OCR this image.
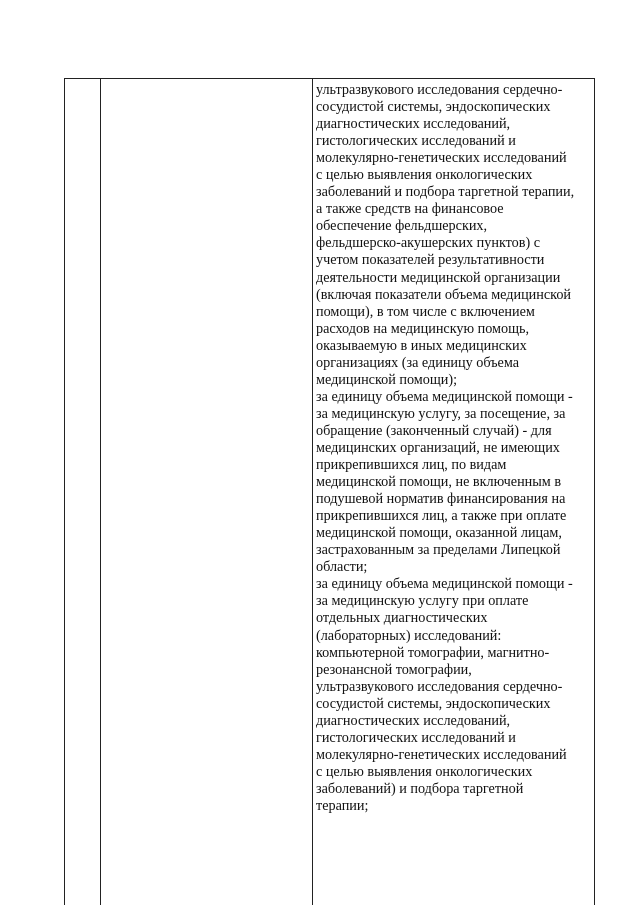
ультразвукового исследования сердечно-
сосудистой системы, эндоскопических
диагностических исследований,
гистологических исследований и
молекулярно-генетических исследований
с целью выявления онкологических
заболеваний и подбора таргетной терапии,
а также средств на финансовое
обеспечение фельдшерских,
фельдшерско-акушерских пунктов) с
учетом показателей результативности
деятельности медицинской организации
(включая показатели объема медицинской
помощи), в том числе с включением
расходов на медицинскую помощь,
оказываемую в иных медицинских
организациях (за единицу объема
медицинской помощи);
за единицу объема медицинской помощи -
за медицинскую услугу, за посещение, за
обращение (законченный случай) - для
медицинских организаций, не имеющих
прикрепившихся лиц, по видам
медицинской помощи, не включенным в
подушевой норматив финансирования на
прикрепившихся лиц, а также при оплате
медицинской помощи, оказанной лицам,
застрахованным за пределами Липецкой
области;
за единицу объема медицинской помощи -
за медицинскую услугу при оплате
отдельных диагностических
(лабораторных) исследований:
компьютерной томографии, магнитно-
резонансной томографии,
ультразвукового исследования сердечно-
сосудистой системы, эндоскопических
диагностических исследований,
гистологических исследований и
молекулярно-генетических исследований
с целью выявления онкологических
заболеваний) и подбора таргетной
терапии;
